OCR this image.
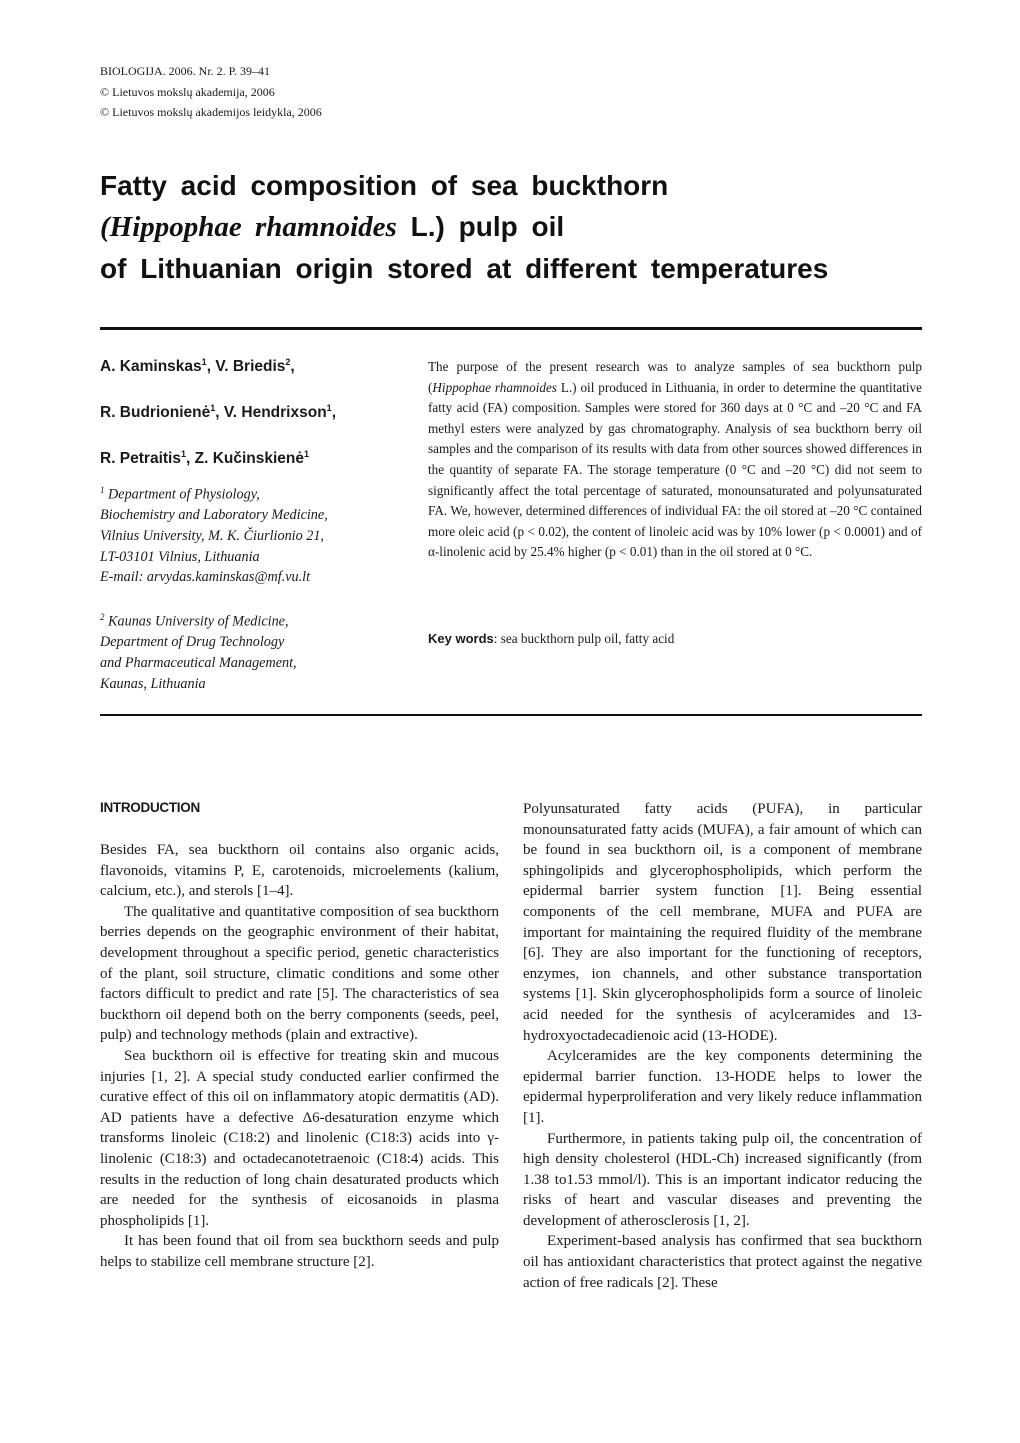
BIOLOGIJA. 2006. Nr. 2. P. 39–41
© Lietuvos mokslų akademija, 2006
© Lietuvos mokslų akademijos leidykla, 2006
Fatty acid composition of sea buckthorn
(Hippophae rhamnoides L.) pulp oil
of Lithuanian origin stored at different temperatures
A. Kaminskas$^1$, V. Briedis$^2$,
R. Budrionienė$^1$, V. Hendrixson$^1$,
R. Petraitis$^1$, Z. Kučinskienė$^1$
$^1$ Department of Physiology,
Biochemistry and Laboratory Medicine,
Vilnius University, M. K. Čiurlionio 21,
LT-03101 Vilnius, Lithuania
E-mail: arvydas.kaminskas@mf.vu.lt
$^2$ Kaunas University of Medicine,
Department of Drug Technology
and Pharmaceutical Management,
Kaunas, Lithuania
The purpose of the present research was to analyze samples of sea buckthorn pulp (Hippophae rhamnoides L.) oil produced in Lithuania, in order to determine the quantitative fatty acid (FA) composition. Samples were stored for 360 days at 0 °C and –20 °C and FA methyl esters were analyzed by gas chromatography. Analysis of sea buckthorn berry oil samples and the comparison of its results with data from other sources showed differences in the quantity of separate FA. The storage temperature (0 °C and –20 °C) did not seem to significantly affect the total percentage of saturated, monounsaturated and polyunsaturated FA. We, however, determined differences of individual FA: the oil stored at –20 °C contained more oleic acid (p < 0.02), the content of linoleic acid was by 10% lower (p < 0.0001) and of α-linolenic acid by 25.4% higher (p < 0.01) than in the oil stored at 0 °C.
Key words: sea buckthorn pulp oil, fatty acid
INTRODUCTION

Besides FA, sea buckthorn oil contains also organic acids, flavonoids, vitamins P, E, carotenoids, microelements (kalium, calcium, etc.), and sterols [1–4].

The qualitative and quantitative composition of sea buckthorn berries depends on the geographic environment of their habitat, development throughout a specific period, genetic characteristics of the plant, soil structure, climatic conditions and some other factors difficult to predict and rate [5]. The characteristics of sea buckthorn oil depend both on the berry components (seeds, peel, pulp) and technology methods (plain and extractive).

Sea buckthorn oil is effective for treating skin and mucous injuries [1, 2]. A special study conducted earlier confirmed the curative effect of this oil on inflammatory atopic dermatitis (AD). AD patients have a defective Δ6-desaturation enzyme which transforms linoleic (C18:2) and linolenic (C18:3) acids into γ-linolenic (C18:3) and octadecanotetraenoic (C18:4) acids. This results in the reduction of long chain desaturated products which are needed for the synthesis of eicosanoids in plasma phospholipids [1].

It has been found that oil from sea buckthorn seeds and pulp helps to stabilize cell membrane structure [2].

Polyunsaturated fatty acids (PUFA), in particular monounsaturated fatty acids (MUFA), a fair amount of which can be found in sea buckthorn oil, is a component of membrane sphingolipids and glycerophospholipids, which perform the epidermal barrier system function [1]. Being essential components of the cell membrane, MUFA and PUFA are important for maintaining the required fluidity of the membrane [6]. They are also important for the functioning of receptors, enzymes, ion channels, and other substance transportation systems [1]. Skin glycerophospholipids form a source of linoleic acid needed for the synthesis of acylceramides and 13-hydroxyoctadecadienoic acid (13-HODE).

Acylceramides are the key components determining the epidermal barrier function. 13-HODE helps to lower the epidermal hyperproliferation and very likely reduce inflammation [1].

Furthermore, in patients taking pulp oil, the concentration of high density cholesterol (HDL-Ch) increased significantly (from 1.38 to1.53 mmol/l). This is an important indicator reducing the risks of heart and vascular diseases and preventing the development of atherosclerosis [1, 2].

Experiment-based analysis has confirmed that sea buckthorn oil has antioxidant characteristics that protect against the negative action of free radicals [2]. These
